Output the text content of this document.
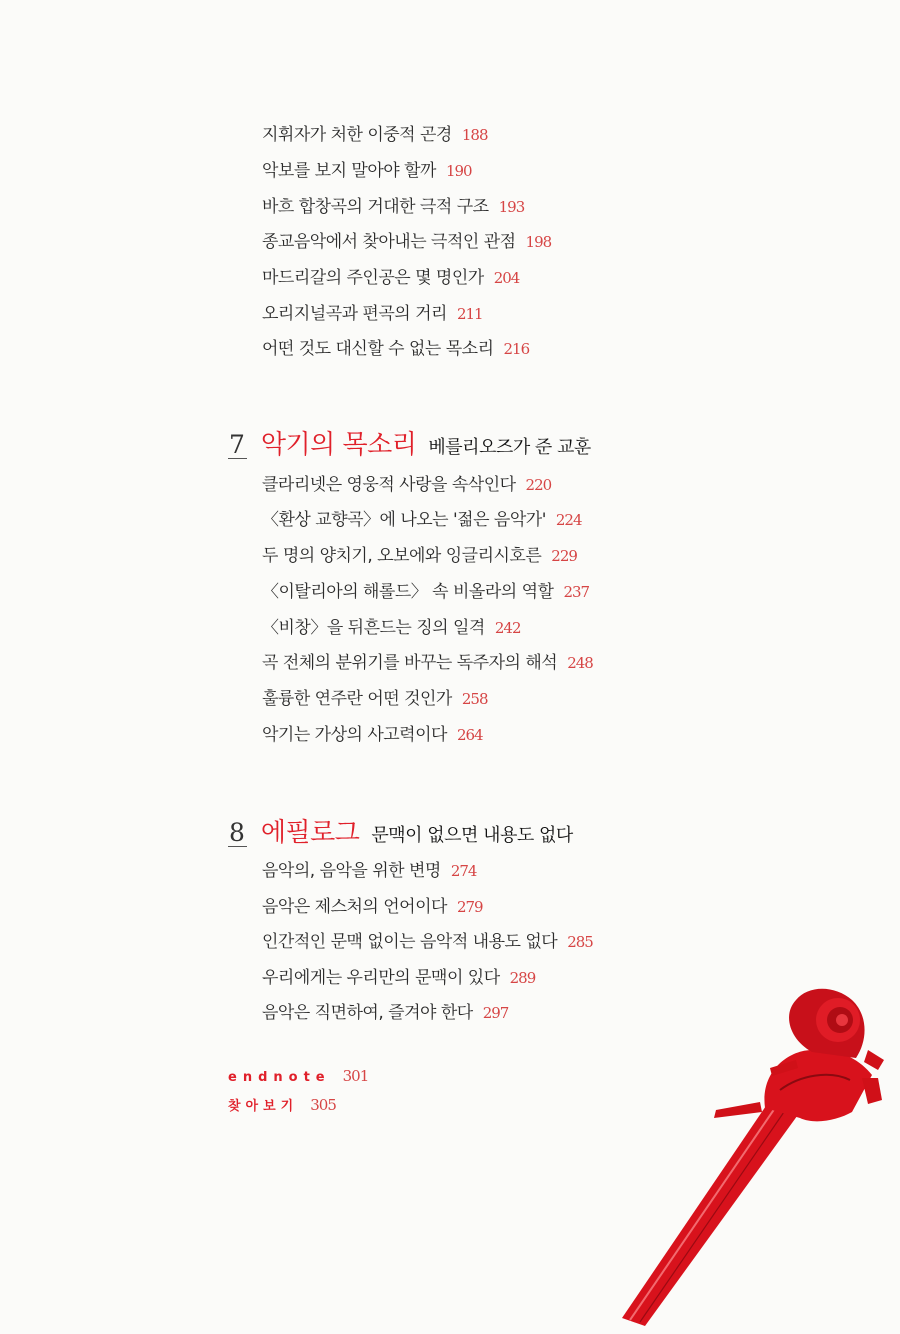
지휘자가 처한 이중적 곤경 188
악보를 보지 말아야 할까 190
바흐 합창곡의 거대한 극적 구조 193
종교음악에서 찾아내는 극적인 관점 198
마드리갈의 주인공은 몇 명인가 204
오리지널곡과 편곡의 거리 211
어떤 것도 대신할 수 없는 목소리 216
7 악기의 목소리 베를리오즈가 준 교훈
클라리넷은 영웅적 사랑을 속삭인다 220
〈환상 교향곡〉에 나오는 '젊은 음악가' 224
두 명의 양치기, 오보에와 잉글리시호른 229
〈이탈리아의 해롤드〉 속 비올라의 역할 237
〈비창〉을 뒤흔드는 징의 일격 242
곡 전체의 분위기를 바꾸는 독주자의 해석 248
훌륭한 연주란 어떤 것인가 258
악기는 가상의 사고력이다 264
8 에필로그 문맥이 없으면 내용도 없다
음악의, 음악을 위한 변명 274
음악은 제스처의 언어이다 279
인간적인 문맥 없이는 음악적 내용도 없다 285
우리에게는 우리만의 문맥이 있다 289
음악은 직면하여, 즐겨야 한다 297
endnote 301
찾아보기 305
